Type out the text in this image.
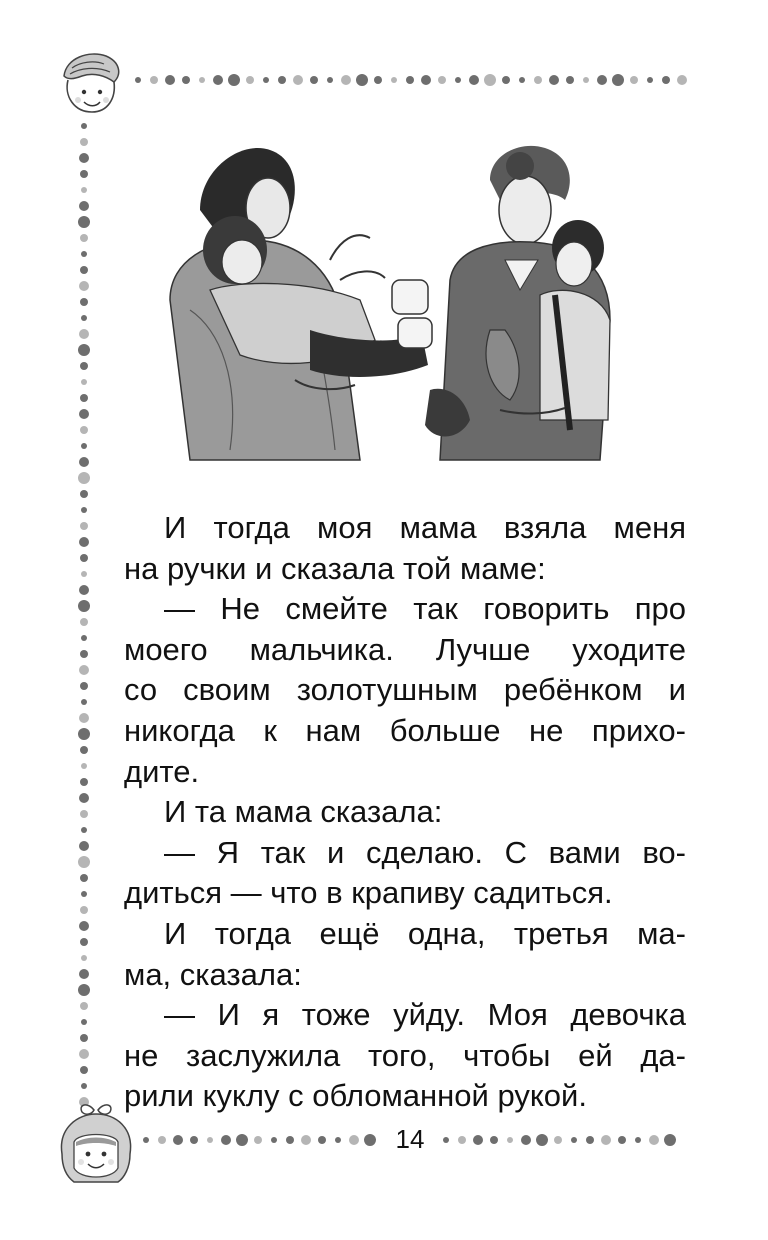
И тогда моя мама взяла меня
на ручки и сказала той маме:

— Не смейте так говорить про
моего мальчика. Лучше уходите
со своим золотушным ребёнком и
никогда к нам больше не прихо-
дите.

И та мама сказала:

— Я так и сделаю. С вами во-
диться — что в крапиву садиться.

И тогда ещё одна, третья ма-
ма, сказала:

— И я тоже уйду. Моя девочка
не заслужила того, чтобы ей да-
рили куклу с обломанной рукой.

14
